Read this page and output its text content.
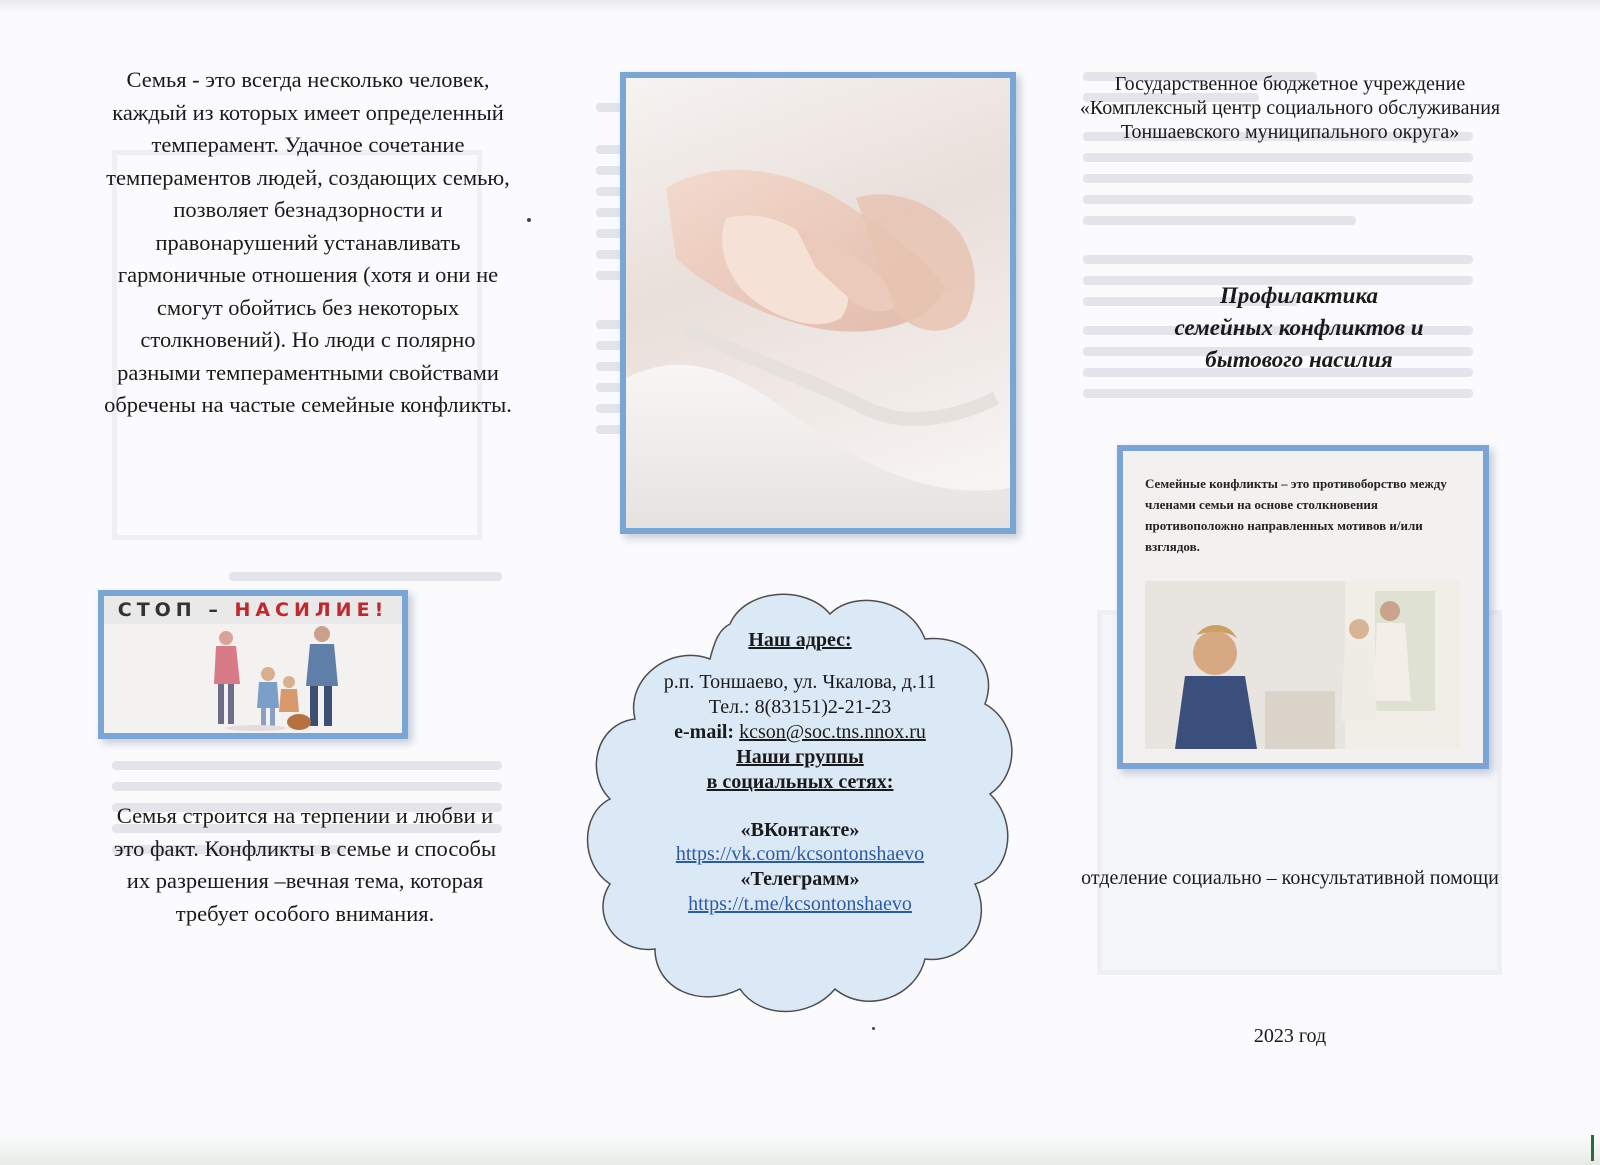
Семья - это всегда несколько человек, каждый из которых имеет определенный темперамент. Удачное сочетание темпераментов людей, создающих семью, позволяет безнадзорности и правонарушений устанавливать гармоничные отношения (хотя и они не смогут обойтись без некоторых столкновений). Но люди с полярно разными темпераментными свойствами обречены на частые семейные конфликты.
СТОП – НАСИЛИЕ!
Семья строится на терпении и любви и это факт. Конфликты в семье и способы их разрешения –вечная тема, которая требует особого внимания.
Наш адрес:
р.п. Тоншаево, ул. Чкалова, д.11
Тел.: 8(83151)2-21-23
e-mail: kcson@soc.tns.nnox.ru
Наши группы
в социальных сетях:
«ВКонтакте»
https://vk.com/kcsontonshaevo
«Телеграмм»
https://t.me/kcsontonshaevo
Государственное бюджетное учреждение «Комплексный центр социального обслуживания Тоншаевского муниципального округа»
Профилактика
семейных конфликтов и
бытового насилия
Семейные конфликты – это противоборство между членами семьи на основе столкновения противоположно направленных мотивов и/или взглядов.
отделение социально – консультативной помощи
2023 год
